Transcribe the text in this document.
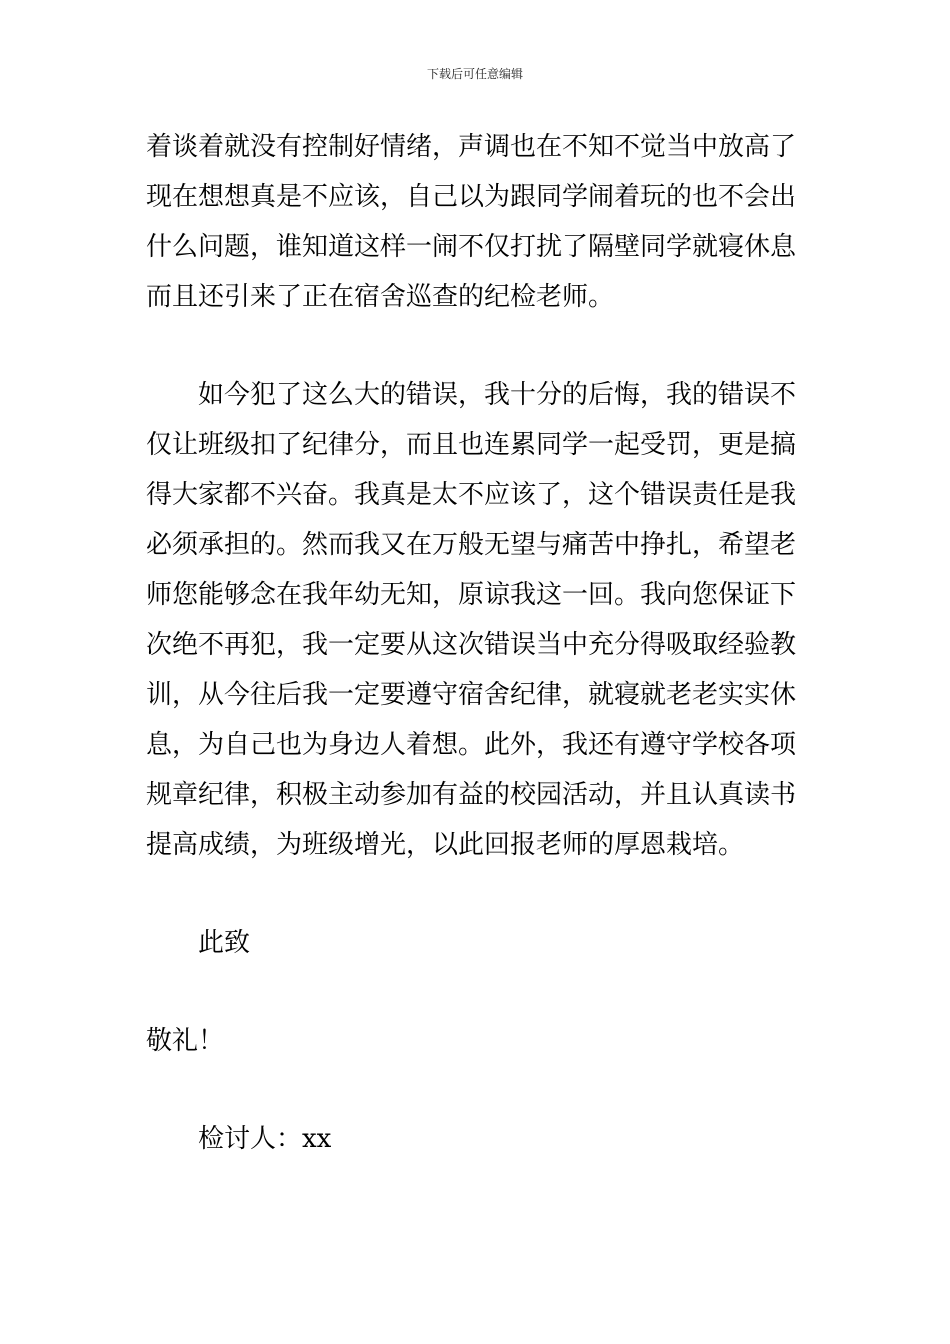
下载后可任意编辑
着谈着就没有控制好情绪，声调也在不知不觉当中放高了
现在想想真是不应该，自己以为跟同学闹着玩的也不会出
什么问题，谁知道这样一闹不仅打扰了隔壁同学就寝休息
而且还引来了正在宿舍巡查的纪检老师。
如今犯了这么大的错误，我十分的后悔，我的错误不
仅让班级扣了纪律分，而且也连累同学一起受罚，更是搞
得大家都不兴奋。我真是太不应该了，这个错误责任是我
必须承担的。然而我又在万般无望与痛苦中挣扎，希望老
师您能够念在我年幼无知，原谅我这一回。我向您保证下
次绝不再犯，我一定要从这次错误当中充分得吸取经验教
训，从今往后我一定要遵守宿舍纪律，就寝就老老实实休
息，为自己也为身边人着想。此外，我还有遵守学校各项
规章纪律，积极主动参加有益的校园活动，并且认真读书
提高成绩，为班级增光，以此回报老师的厚恩栽培。
此致
敬礼！
检讨人：xx
